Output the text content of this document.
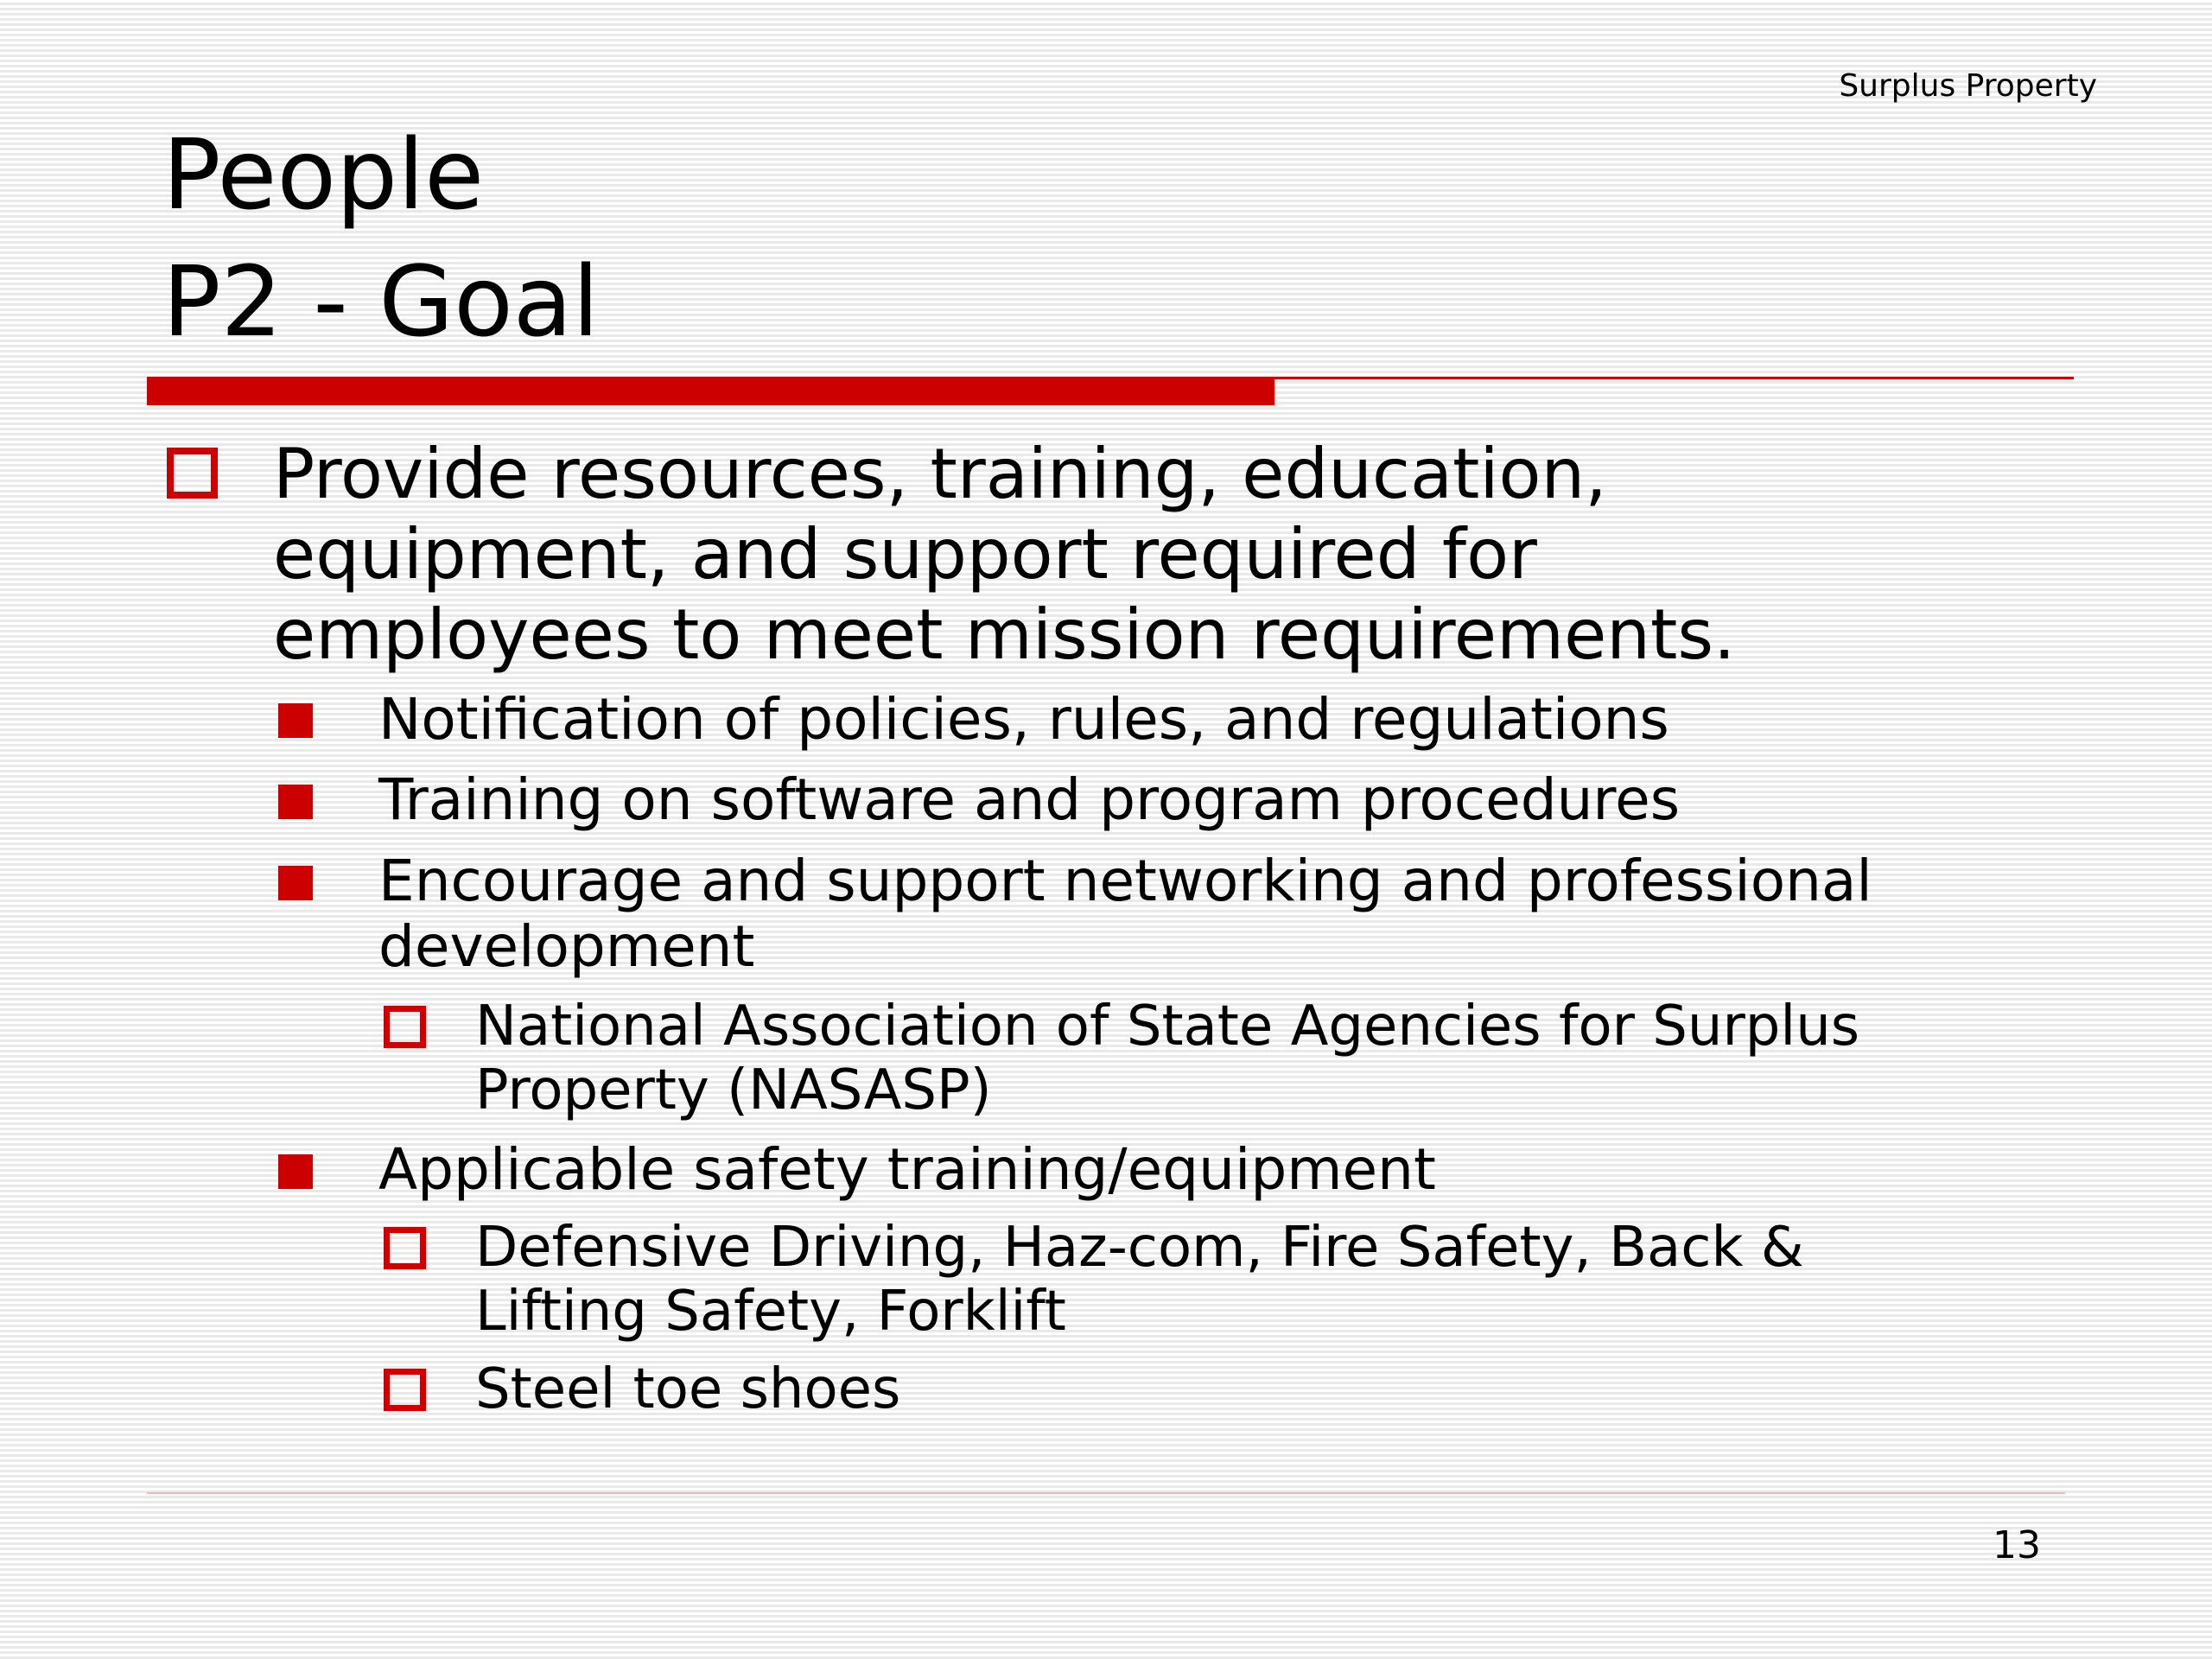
Surplus Property
People
P2 - Goal
Provide resources, training, education,
equipment, and support required for
employees to meet mission requirements.
Notification of policies, rules, and regulations
Training on software and program procedures
Encourage and support networking and professional
development
National Association of State Agencies for Surplus
Property (NASASP)
Applicable safety training/equipment
Defensive Driving, Haz-com, Fire Safety, Back &
Lifting Safety, Forklift
Steel toe shoes
13
